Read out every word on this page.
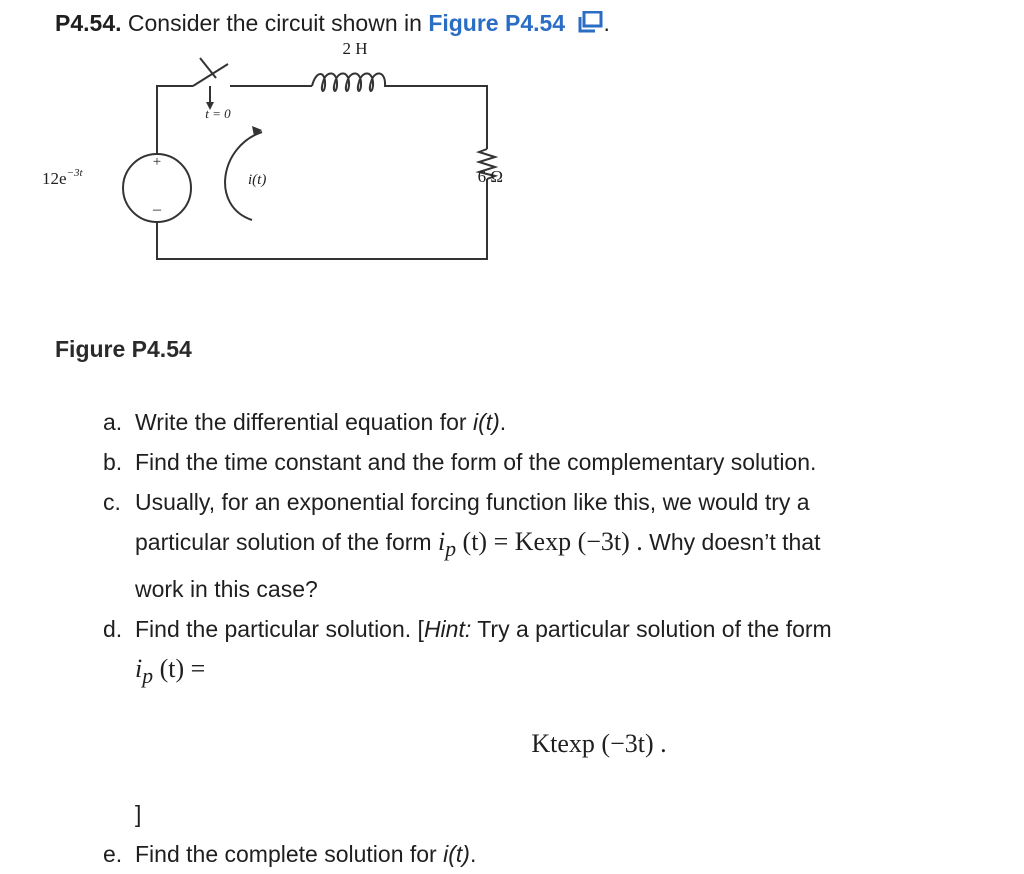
P4.54. Consider the circuit shown in Figure P4.54 .
t = 0
2 H
+
–
$12e^{-3t}$	i(t)	6 Ω
Figure P4.54
a. Write the differential equation for i(t).
b. Find the time constant and the form of the complementary solution.
c. Usually, for an exponential forcing function like this, we would try a
particular solution of the form $i_p$ (t) = Kexp (−3t) . Why doesn’t that
work in this case?
d. Find the particular solution. [Hint: Try a particular solution of the form
$i_p$ (t) =
Ktexp (−3t) .
]
e. Find the complete solution for i(t).
